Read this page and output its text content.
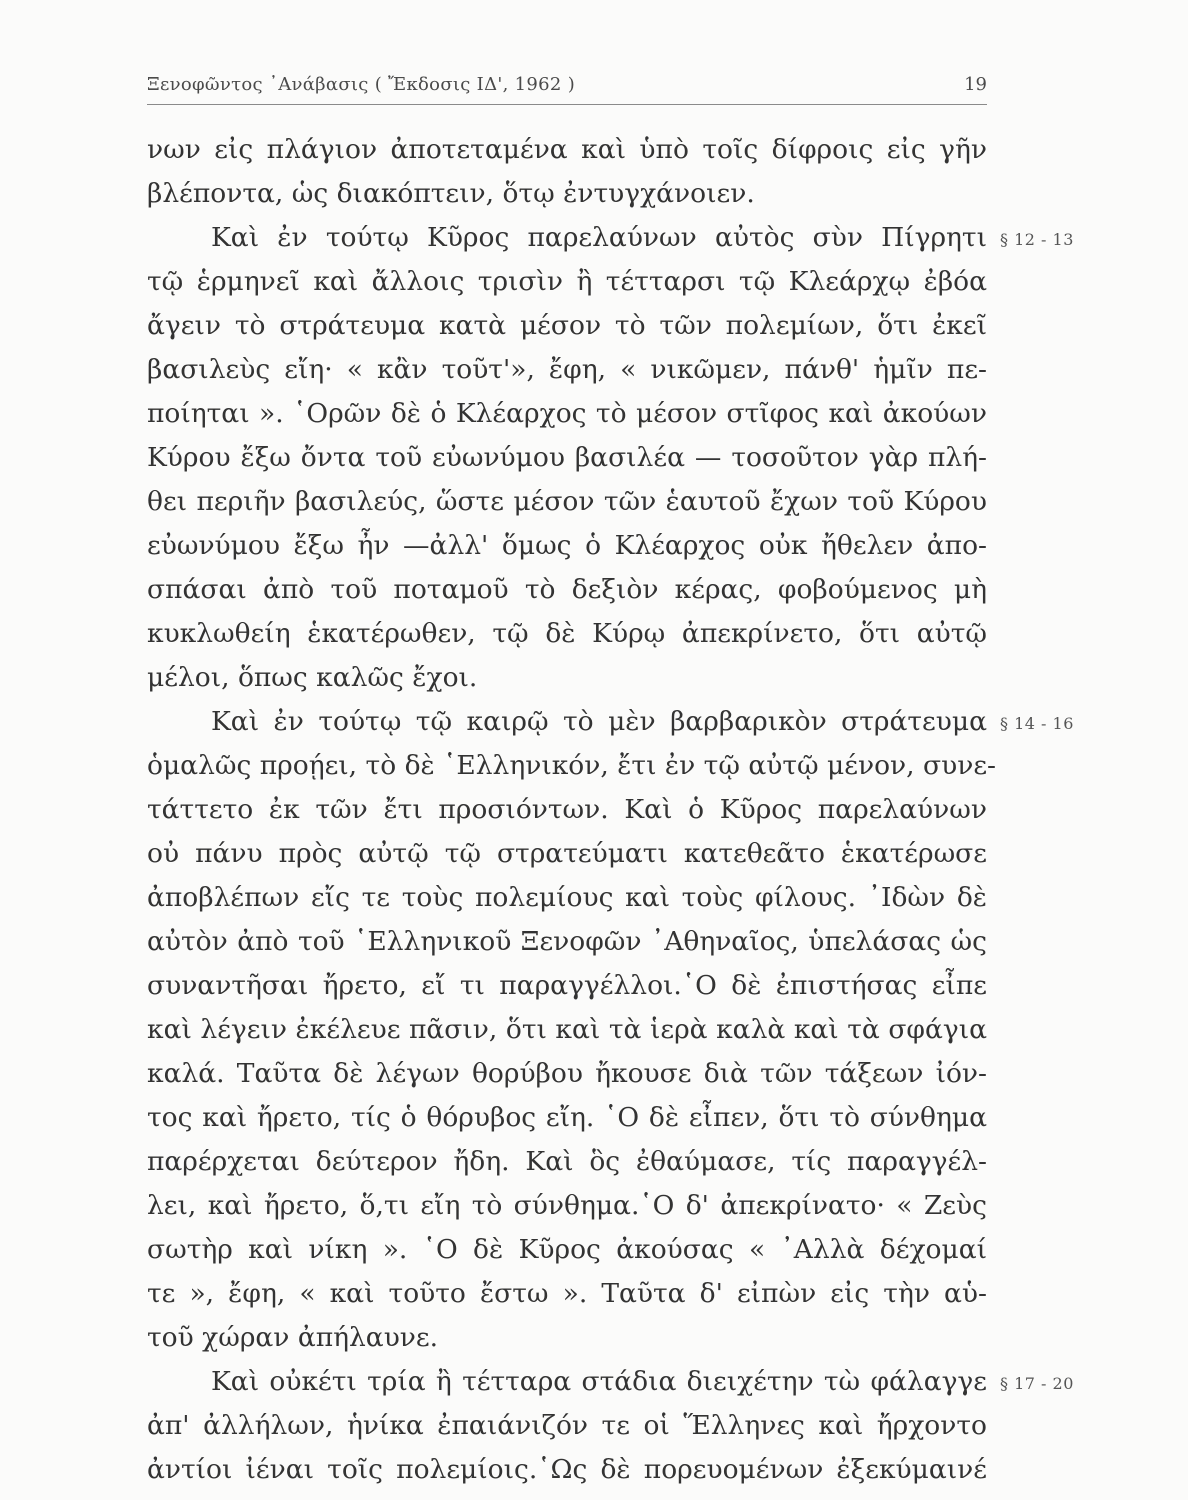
Ξενοφῶντος ᾿Ανάβασις ( Ἔκδοσις ΙΔ', 1962 )	19
νων εἰς πλάγιον ἀποτεταμένα καὶ ὑπὸ τοῖς δίφροις εἰς γῆν
βλέποντα, ὡς διακόπτειν, ὅτῳ ἐντυγχάνοιεν.
Καὶ ἐν τούτῳ Κῦρος παρελαύνων αὐτὸς σὺν Πίγρητι
τῷ ἑρμηνεῖ καὶ ἄλλοις τρισὶν ἢ τέτταρσι τῷ Κλεάρχῳ ἐβόα
ἄγειν τὸ στράτευμα κατὰ μέσον τὸ τῶν πολεμίων, ὅτι ἐκεῖ
βασιλεὺς εἴη· « κἂν τοῦτ'», ἔφη, « νικῶμεν, πάνθ' ἡμῖν πε-
ποίηται ». ῾Ορῶν δὲ ὁ Κλέαρχος τὸ μέσον στῖφος καὶ ἀκούων
Κύρου ἔξω ὄντα τοῦ εὐωνύμου βασιλέα — τοσοῦτον γὰρ πλή-
θει περιῆν βασιλεύς, ὥστε μέσον τῶν ἑαυτοῦ ἔχων τοῦ Κύρου
εὐωνύμου ἔξω ἦν —ἀλλ' ὅμως ὁ Κλέαρχος οὐκ ἤθελεν ἀπο-
σπάσαι ἀπὸ τοῦ ποταμοῦ τὸ δεξιὸν κέρας, φοβούμενος μὴ
κυκλωθείη ἑκατέρωθεν, τῷ δὲ Κύρῳ ἀπεκρίνετο, ὅτι αὐτῷ
μέλοι, ὅπως καλῶς ἔχοι.
Καὶ ἐν τούτῳ τῷ καιρῷ τὸ μὲν βαρβαρικὸν στράτευμα
ὁμαλῶς προῄει, τὸ δὲ ῾Ελληνικόν, ἔτι ἐν τῷ αὐτῷ μένον, συνε-
τάττετο ἐκ τῶν ἔτι προσιόντων. Καὶ ὁ Κῦρος παρελαύνων
οὐ πάνυ πρὸς αὐτῷ τῷ στρατεύματι κατεθεᾶτο ἑκατέρωσε
ἀποβλέπων εἴς τε τοὺς πολεμίους καὶ τοὺς φίλους. ᾿Ιδὼν δὲ
αὐτὸν ἀπὸ τοῦ ῾Ελληνικοῦ Ξενοφῶν ᾿Αθηναῖος, ὑπελάσας ὡς
συναντῆσαι ἤρετο, εἴ τι παραγγέλλοι.῾Ο δὲ ἐπιστήσας εἶπε
καὶ λέγειν ἐκέλευε πᾶσιν, ὅτι καὶ τὰ ἱερὰ καλὰ καὶ τὰ σφάγια
καλά. Ταῦτα δὲ λέγων θορύβου ἤκουσε διὰ τῶν τάξεων ἰόν-
τος καὶ ἤρετο, τίς ὁ θόρυβος εἴη. ῾Ο δὲ εἶπεν, ὅτι τὸ σύνθημα
παρέρχεται δεύτερον ἤδη. Καὶ ὃς ἐθαύμασε, τίς παραγγέλ-
λει, καὶ ἤρετο, ὅ,τι εἴη τὸ σύνθημα.῾Ο δ' ἀπεκρίνατο· « Ζεὺς
σωτὴρ καὶ νίκη ». ῾Ο δὲ Κῦρος ἀκούσας « ᾿Αλλὰ δέχομαί
τε », ἔφη, « καὶ τοῦτο ἔστω ». Ταῦτα δ' εἰπὼν εἰς τὴν αὑ-
τοῦ χώραν ἀπήλαυνε.
Καὶ οὐκέτι τρία ἢ τέτταρα στάδια διειχέτην τὼ φάλαγγε
ἀπ' ἀλλήλων, ἡνίκα ἐπαιάνιζόν τε οἱ Ἕλληνες καὶ ἤρχοντο
ἀντίοι ἰέναι τοῖς πολεμίοις.῾Ως δὲ πορευομένων ἐξεκύμαινέ
§ 12 - 13
§ 14 - 16
§ 17 - 20
